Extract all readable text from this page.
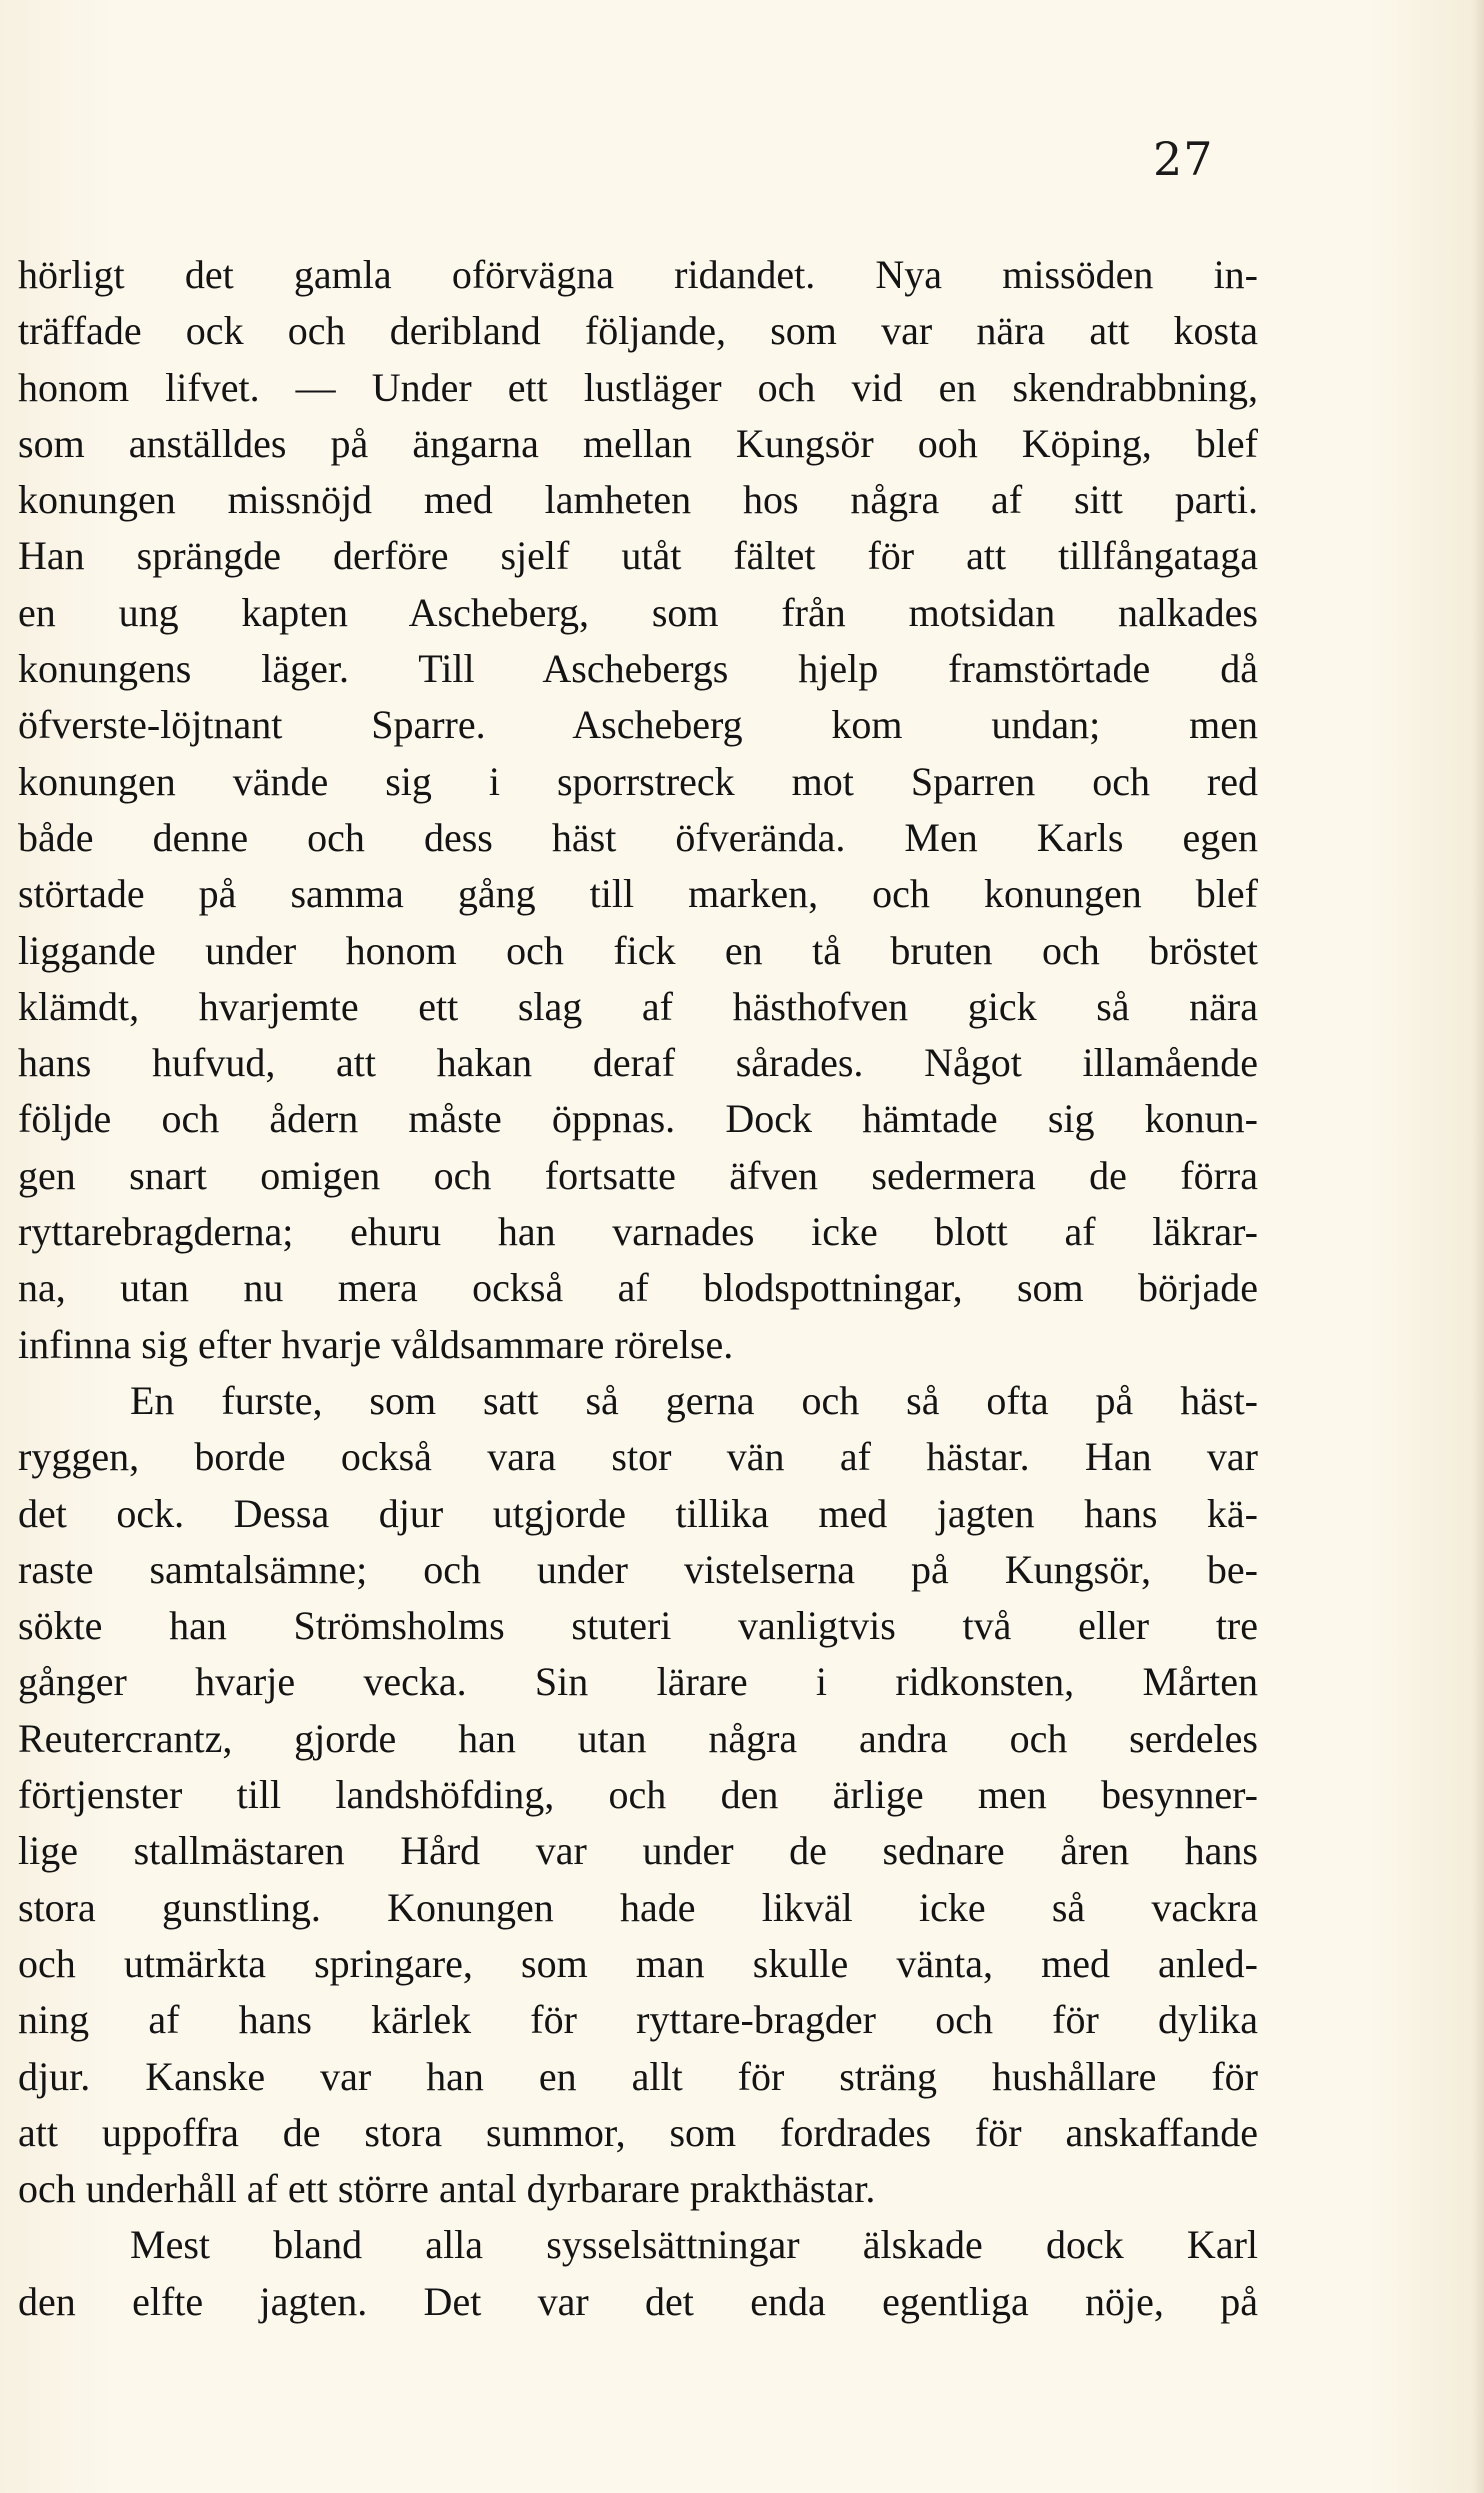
27
hörligt det gamla oförvägna ridandet. Nya missöden in-
träffade ock och deribland följande, som var nära att kosta
honom lifvet. — Under ett lustläger och vid en skendrabbning,
som anställdes på ängarna mellan Kungsör ooh Köping, blef
konungen missnöjd med lamheten hos några af sitt parti.
Han sprängde derföre sjelf utåt fältet för att tillfångataga
en ung kapten Ascheberg, som från motsidan nalkades
konungens läger. Till Aschebergs hjelp framstörtade då
öfverste-löjtnant Sparre. Ascheberg kom undan; men
konungen vände sig i sporrstreck mot Sparren och red
både denne och dess häst öfverända. Men Karls egen
störtade på samma gång till marken, och konungen blef
liggande under honom och fick en tå bruten och bröstet
klämdt, hvarjemte ett slag af hästhofven gick så nära
hans hufvud, att hakan deraf sårades. Något illamående
följde och ådern måste öppnas. Dock hämtade sig konun-
gen snart omigen och fortsatte äfven sedermera de förra
ryttarebragderna; ehuru han varnades icke blott af läkrar-
na, utan nu mera också af blodspottningar, som började
infinna sig efter hvarje våldsammare rörelse.
En furste, som satt så gerna och så ofta på häst-
ryggen, borde också vara stor vän af hästar. Han var
det ock. Dessa djur utgjorde tillika med jagten hans kä-
raste samtalsämne; och under vistelserna på Kungsör, be-
sökte han Strömsholms stuteri vanligtvis två eller tre
gånger hvarje vecka. Sin lärare i ridkonsten, Mårten
Reutercrantz, gjorde han utan några andra och serdeles
förtjenster till landshöfding, och den ärlige men besynner-
lige stallmästaren Hård var under de sednare åren hans
stora gunstling. Konungen hade likväl icke så vackra
och utmärkta springare, som man skulle vänta, med anled-
ning af hans kärlek för ryttare-bragder och för dylika
djur. Kanske var han en allt för sträng hushållare för
att uppoffra de stora summor, som fordrades för anskaffande
och underhåll af ett större antal dyrbarare prakthästar.
Mest bland alla sysselsättningar älskade dock Karl
den elfte jagten. Det var det enda egentliga nöje, på
